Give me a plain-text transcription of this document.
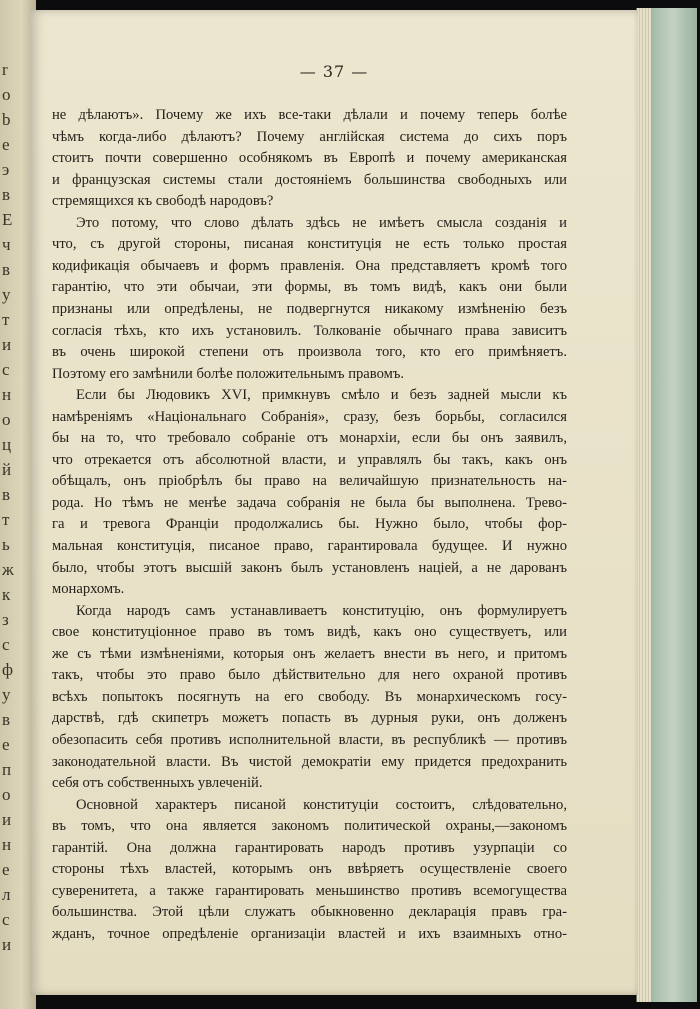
r
o
b
e
э
в
Е
ч
в
у
т
и
с
н
о
ц
й
в
т
ь
ж
к
з
с
ф
у
в
е
п
о
и
н
е
л
с
и
— 37 —
не дѣлаютъ». Почему же ихъ все-таки дѣлали и почему теперь болѣе
чѣмъ когда-либо дѣлаютъ? Почему англійская система до сихъ поръ
стоитъ почти совершенно особнякомъ въ Европѣ и почему американская
и французская системы стали достояніемъ большинства свободныхъ или
стремящихся къ свободѣ народовъ?
Это потому, что слово дѣлать здѣсь не имѣетъ смысла созданія и
что, съ другой стороны, писаная конституція не есть только простая
кодификація обычаевъ и формъ правленія. Она представляетъ кромѣ того
гарантію, что эти обычаи, эти формы, въ томъ видѣ, какъ они были
признаны или опредѣлены, не подвергнутся никакому измѣненію безъ
согласія тѣхъ, кто ихъ установилъ. Толкованіе обычнаго права зависитъ
въ очень широкой степени отъ произвола того, кто его примѣняетъ.
Поэтому его замѣнили болѣе положительнымъ правомъ.
Если бы Людовикъ XVI, примкнувъ смѣло и безъ задней мысли къ
намѣреніямъ «Національнаго Собранія», сразу, безъ борьбы, согласился
бы на то, что требовало собраніе отъ монархіи, если бы онъ заявилъ,
что отрекается отъ абсолютной власти, и управлялъ бы такъ, какъ онъ
обѣщалъ, онъ пріобрѣлъ бы право на величайшую признательность на-
рода. Но тѣмъ не менѣе задача собранія не была бы выполнена. Трево-
га и тревога Франціи продолжались бы. Нужно было, чтобы фор-
мальная конституція, писаное право, гарантировала будущее. И нужно
было, чтобы этотъ высшій законъ былъ установленъ націей, а не дарованъ
монархомъ.
Когда народъ самъ устанавливаетъ конституцію, онъ формулируетъ
свое конституціонное право въ томъ видѣ, какъ оно существуетъ, или
же съ тѣми измѣненіями, которыя онъ желаетъ внести въ него, и притомъ
такъ, чтобы это право было дѣйствительно для него охраной противъ
всѣхъ попытокъ посягнуть на его свободу. Въ монархическомъ госу-
дарствѣ, гдѣ скипетръ можетъ попасть въ дурныя руки, онъ долженъ
обезопасить себя противъ исполнительной власти, въ республикѣ — противъ
законодательной власти. Въ чистой демократіи ему придется предохранить
себя отъ собственныхъ увлеченій.
Основной характеръ писаной конституціи состоитъ, слѣдовательно,
въ томъ, что она является закономъ политической охраны,—закономъ
гарантій. Она должна гарантировать народъ противъ узурпаціи со
стороны тѣхъ властей, которымъ онъ ввѣряетъ осуществленіе своего
суверенитета, а также гарантировать меньшинство противъ всемогущества
большинства. Этой цѣли служатъ обыкновенно декларація правъ гра-
жданъ, точное опредѣленіе организаціи властей и ихъ взаимныхъ отно-
